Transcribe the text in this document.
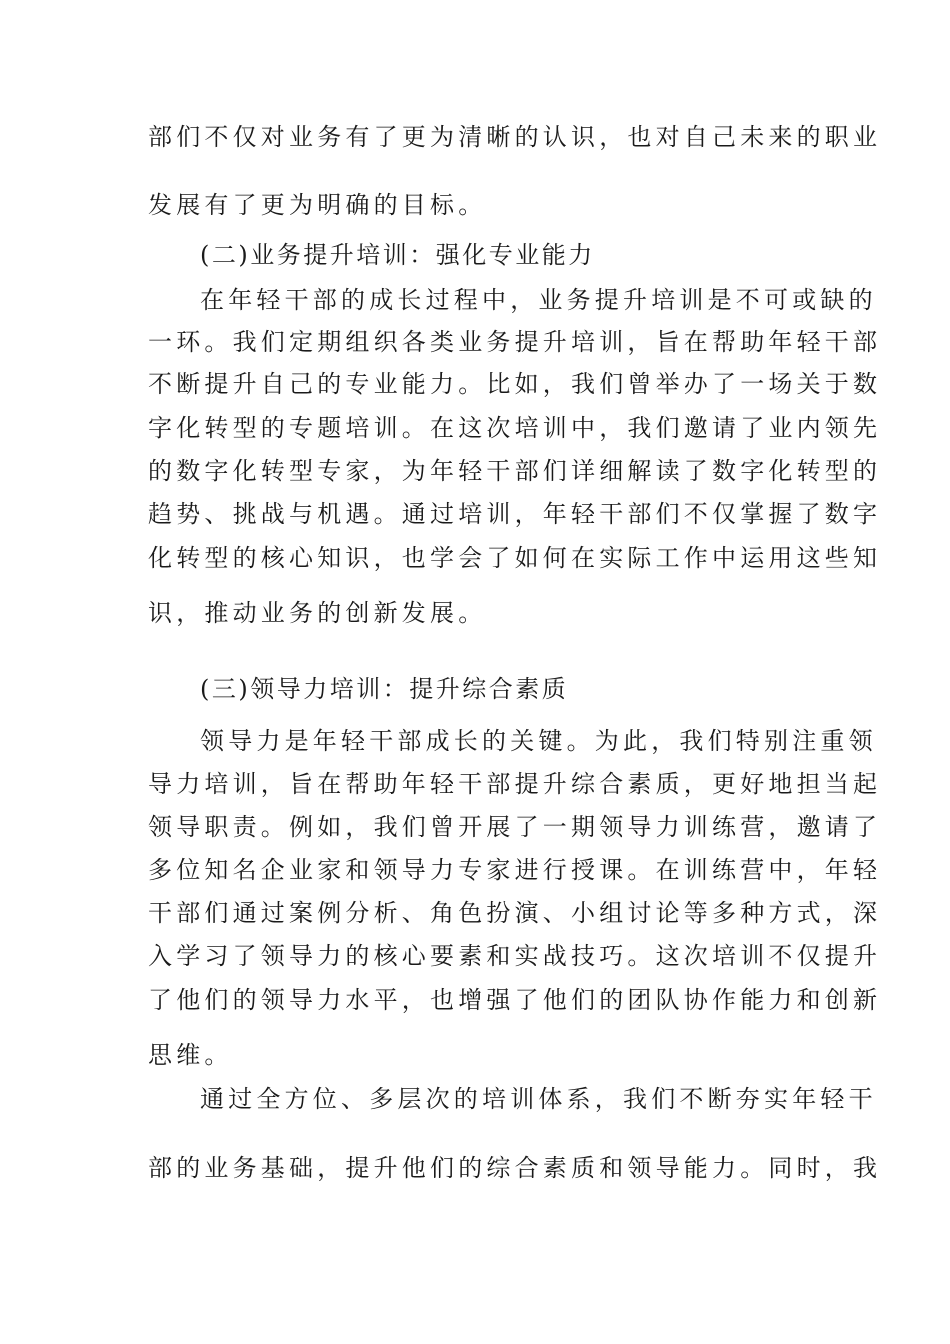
部们不仅对业务有了更为清晰的认识，也对自己未来的职业
发展有了更为明确的目标。
(二)业务提升培训：强化专业能力
在年轻干部的成长过程中，业务提升培训是不可或缺的
一环。我们定期组织各类业务提升培训，旨在帮助年轻干部
不断提升自己的专业能力。比如，我们曾举办了一场关于数
字化转型的专题培训。在这次培训中，我们邀请了业内领先
的数字化转型专家，为年轻干部们详细解读了数字化转型的
趋势、挑战与机遇。通过培训，年轻干部们不仅掌握了数字
化转型的核心知识，也学会了如何在实际工作中运用这些知
识，推动业务的创新发展。
(三)领导力培训：提升综合素质
领导力是年轻干部成长的关键。为此，我们特别注重领
导力培训，旨在帮助年轻干部提升综合素质，更好地担当起
领导职责。例如，我们曾开展了一期领导力训练营，邀请了
多位知名企业家和领导力专家进行授课。在训练营中，年轻
干部们通过案例分析、角色扮演、小组讨论等多种方式，深
入学习了领导力的核心要素和实战技巧。这次培训不仅提升
了他们的领导力水平，也增强了他们的团队协作能力和创新
思维。
通过全方位、多层次的培训体系，我们不断夯实年轻干
部的业务基础，提升他们的综合素质和领导能力。同时，我
